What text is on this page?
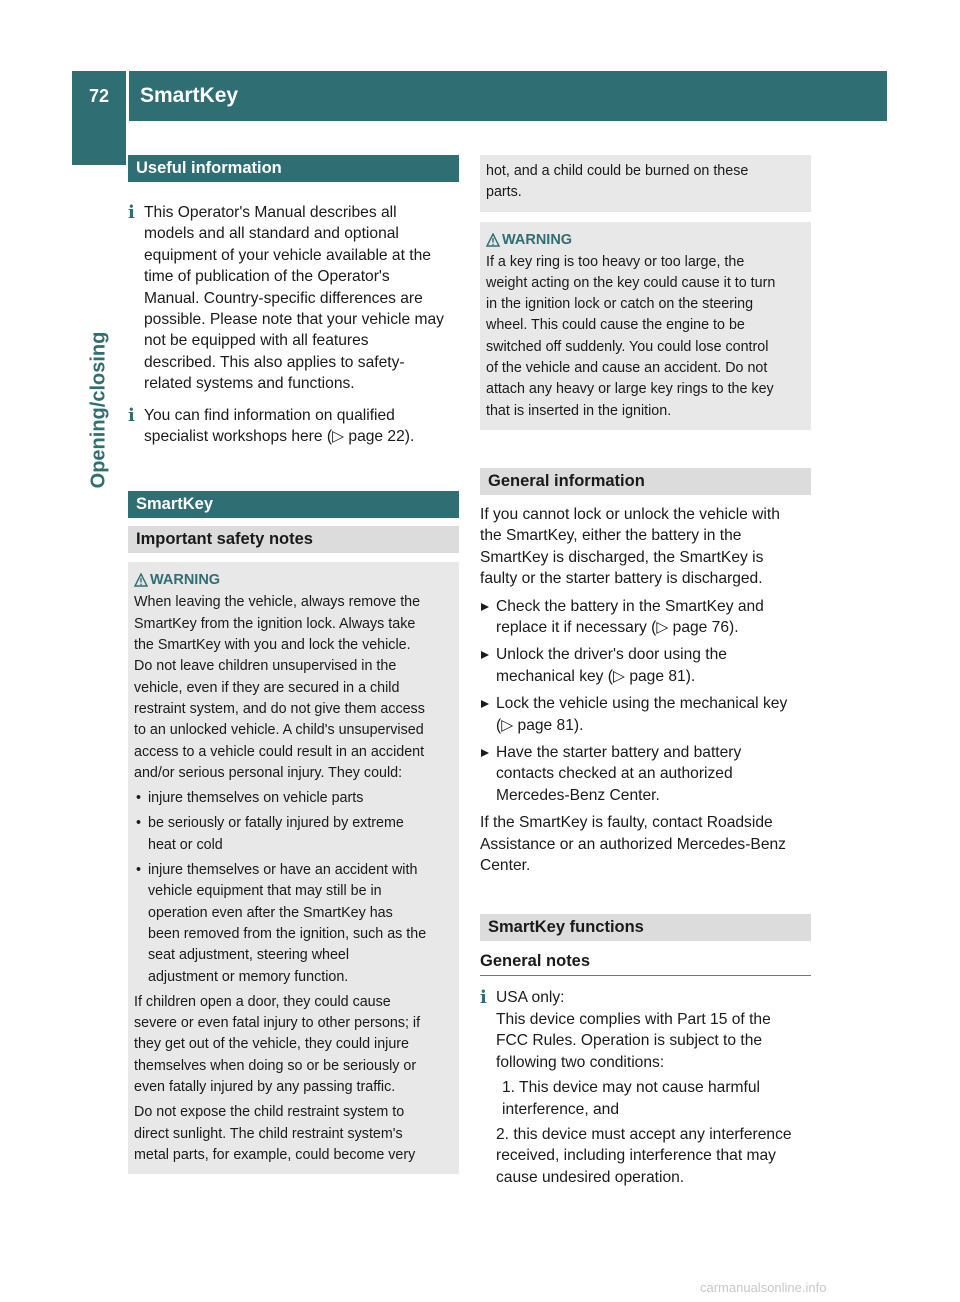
72	SmartKey
Opening/closing
Useful information
i This Operator's Manual describes all
models and all standard and optional
equipment of your vehicle available at the
time of publication of the Operator's
Manual. Country-specific differences are
possible. Please note that your vehicle may
not be equipped with all features
described. This also applies to safety-
related systems and functions.
i You can find information on qualified
specialist workshops here (▷ page 22).
SmartKey
Important safety notes
WARNING
When leaving the vehicle, always remove the
SmartKey from the ignition lock. Always take
the SmartKey with you and lock the vehicle.
Do not leave children unsupervised in the
vehicle, even if they are secured in a child
restraint system, and do not give them access
to an unlocked vehicle. A child's unsupervised
access to a vehicle could result in an accident
and/or serious personal injury. They could:
• injure themselves on vehicle parts
• be seriously or fatally injured by extreme
heat or cold
• injure themselves or have an accident with
vehicle equipment that may still be in
operation even after the SmartKey has
been removed from the ignition, such as the
seat adjustment, steering wheel
adjustment or memory function.

If children open a door, they could cause
severe or even fatal injury to other persons; if
they get out of the vehicle, they could injure
themselves when doing so or be seriously or
even fatally injured by any passing traffic.

Do not expose the child restraint system to
direct sunlight. The child restraint system's
metal parts, for example, could become very

hot, and a child could be burned on these
parts.
WARNING
If a key ring is too heavy or too large, the
weight acting on the key could cause it to turn
in the ignition lock or catch on the steering
wheel. This could cause the engine to be
switched off suddenly. You could lose control
of the vehicle and cause an accident. Do not
attach any heavy or large key rings to the key
that is inserted in the ignition.
General information
If you cannot lock or unlock the vehicle with
the SmartKey, either the battery in the
SmartKey is discharged, the SmartKey is
faulty or the starter battery is discharged.
Check the battery in the SmartKey and
replace it if necessary (▷ page 76).
Unlock the driver's door using the
mechanical key (▷ page 81).
Lock the vehicle using the mechanical key
(▷ page 81).
Have the starter battery and battery
contacts checked at an authorized
Mercedes-Benz Center.
If the SmartKey is faulty, contact Roadside
Assistance or an authorized Mercedes-Benz
Center.
SmartKey functions
General notes
i USA only:
This device complies with Part 15 of the
FCC Rules. Operation is subject to the
following two conditions:
1. This device may not cause harmful
interference, and
2. this device must accept any interference
received, including interference that may
cause undesired operation.
carmanualsonline.info
